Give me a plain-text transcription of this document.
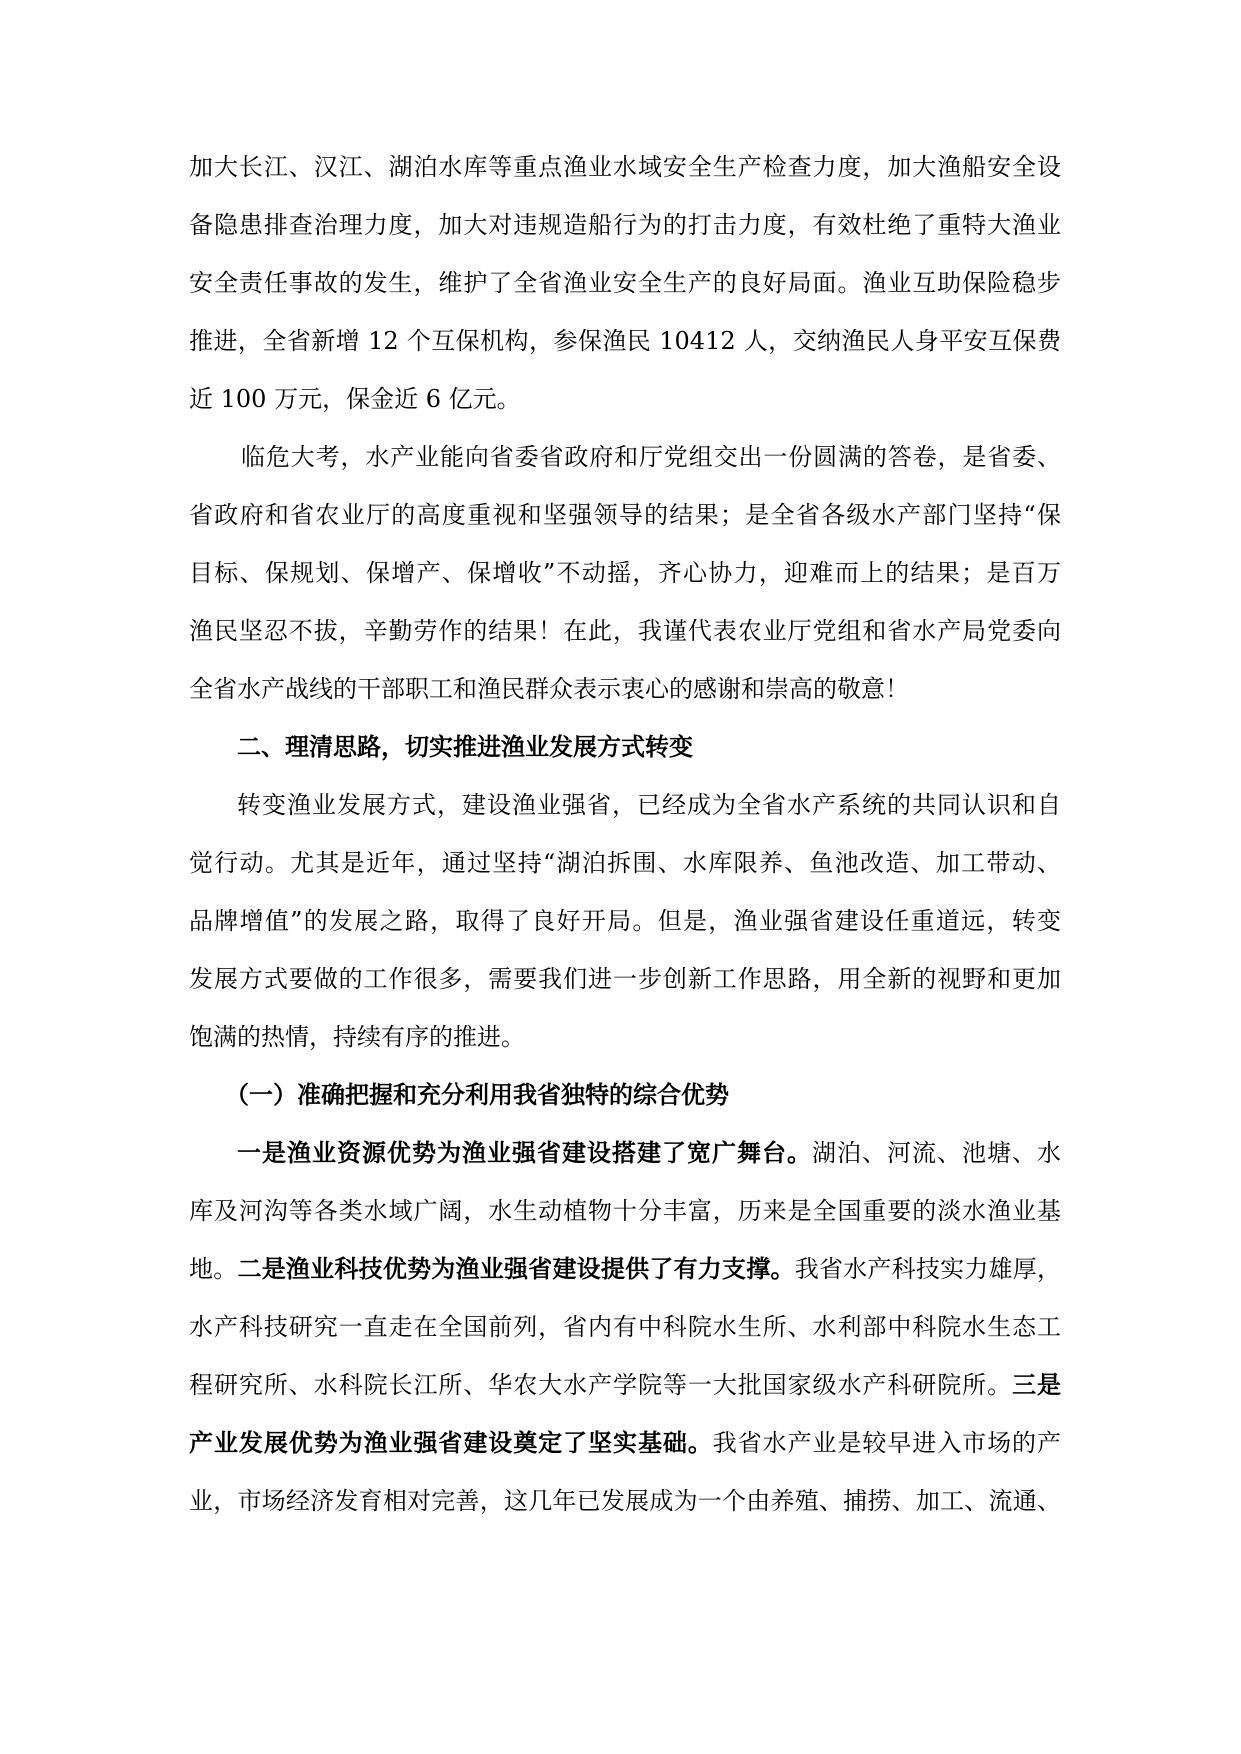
加大长江、汉江、湖泊水库等重点渔业水域安全生产检查力度，加大渔船安全设
备隐患排查治理力度，加大对违规造船行为的打击力度，有效杜绝了重特大渔业
安全责任事故的发生，维护了全省渔业安全生产的良好局面。渔业互助保险稳步
推进，全省新增 12 个互保机构，参保渔民 10412 人，交纳渔民人身平安互保费
近 100 万元，保金近 6 亿元。
临危大考，水产业能向省委省政府和厅党组交出一份圆满的答卷，是省委、
省政府和省农业厅的高度重视和坚强领导的结果；是全省各级水产部门坚持“保
目标、保规划、保增产、保增收”不动摇，齐心协力，迎难而上的结果；是百万
渔民坚忍不拔，辛勤劳作的结果！在此，我谨代表农业厅党组和省水产局党委向
全省水产战线的干部职工和渔民群众表示衷心的感谢和崇高的敬意！
二、理清思路，切实推进渔业发展方式转变
转变渔业发展方式，建设渔业强省，已经成为全省水产系统的共同认识和自
觉行动。尤其是近年，通过坚持“湖泊拆围、水库限养、鱼池改造、加工带动、
品牌增值”的发展之路，取得了良好开局。但是，渔业强省建设任重道远，转变
发展方式要做的工作很多，需要我们进一步创新工作思路，用全新的视野和更加
饱满的热情，持续有序的推进。
（一）准确把握和充分利用我省独特的综合优势
一是渔业资源优势为渔业强省建设搭建了宽广舞台。湖泊、河流、池塘、水
库及河沟等各类水域广阔，水生动植物十分丰富，历来是全国重要的淡水渔业基
地。二是渔业科技优势为渔业强省建设提供了有力支撑。我省水产科技实力雄厚，
水产科技研究一直走在全国前列，省内有中科院水生所、水利部中科院水生态工
程研究所、水科院长江所、华农大水产学院等一大批国家级水产科研院所。三是
产业发展优势为渔业强省建设奠定了坚实基础。我省水产业是较早进入市场的产
业，市场经济发育相对完善，这几年已发展成为一个由养殖、捕捞、加工、流通、
